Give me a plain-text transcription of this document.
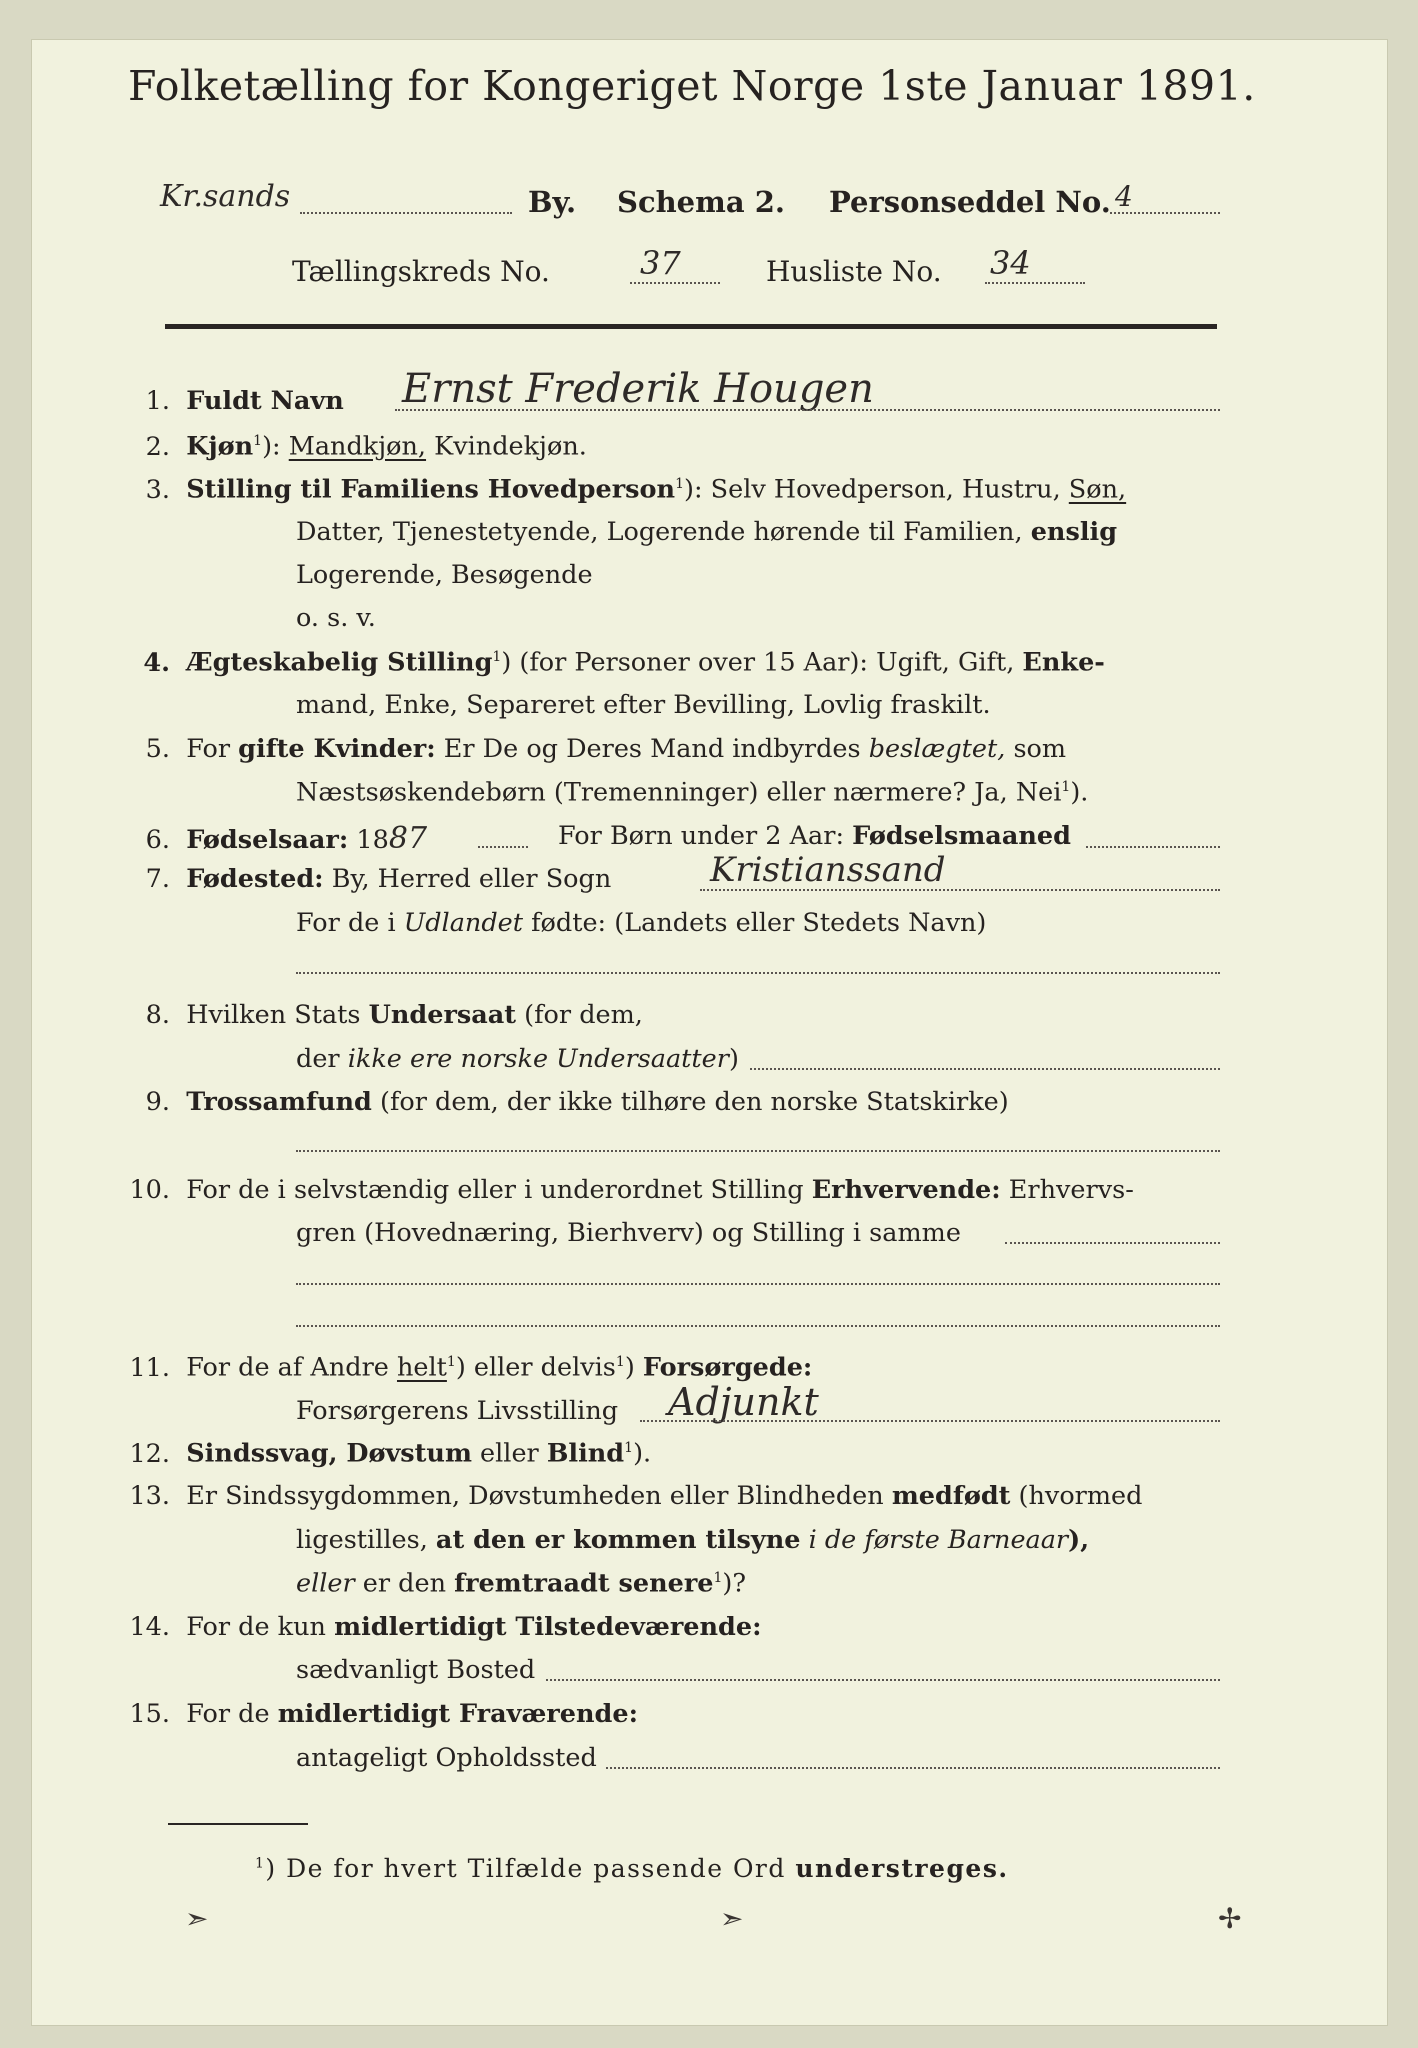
Folketælling for Kongeriget Norge 1ste Januar 1891.
Kr.sands	By. Schema 2. Personseddel No. 4
Tællingskreds No.	37	Husliste No. 34
1. Fuldt Navn Ernst Frederik Hougen
2. Kjøn$^1$): Mandkjøn, Kvindekjøn.
3. Stilling til Familiens Hovedperson$^1$): Selv Hovedperson, Hustru, Søn,
Datter, Tjenestetyende, Logerende hørende til Familien, enslig
Logerende, Besøgende
o. s. v.
4. Ægteskabelig Stilling$^1$) (for Personer over 15 Aar): Ugift, Gift, Enke-
mand, Enke, Separeret efter Bevilling, Lovlig fraskilt.
5. For gifte Kvinder: Er De og Deres Mand indbyrdes beslægtet, som
Næstsøskendebørn (Tremenninger) eller nærmere? Ja, Nei$^1$).
6. Fødselsaar: 1887	For Børn under 2 Aar: Fødselsmaaned
7. Fødested: By, Herred eller Sogn	Kristianssand
For de i Udlandet fødte: (Landets eller Stedets Navn)
8. Hvilken Stats Undersaat (for dem,
der ikke ere norske Undersaatter)
9. Trossamfund (for dem, der ikke tilhøre den norske Statskirke)
10. For de i selvstændig eller i underordnet Stilling Erhvervende: Erhvervs-
gren (Hovednæring, Bierhverv) og Stilling i samme
11. For de af Andre helt$^1$) eller delvis$^1$) Forsørgede:
Forsørgerens Livsstilling Adjunkt
12. Sindssvag, Døvstum eller Blind$^1$).
13. Er Sindssygdommen, Døvstumheden eller Blindheden medfødt (hvormed
ligestilles, at den er kommen tilsyne i de første Barneaar),
eller er den fremtraadt senere$^1$)?
14. For de kun midlertidigt Tilstedeværende:
sædvanligt Bosted
15. For de midlertidigt Fraværende:
antageligt Opholdssted
$^1$) De for hvert Tilfælde passende Ord understreges.
➣	➣	✢
